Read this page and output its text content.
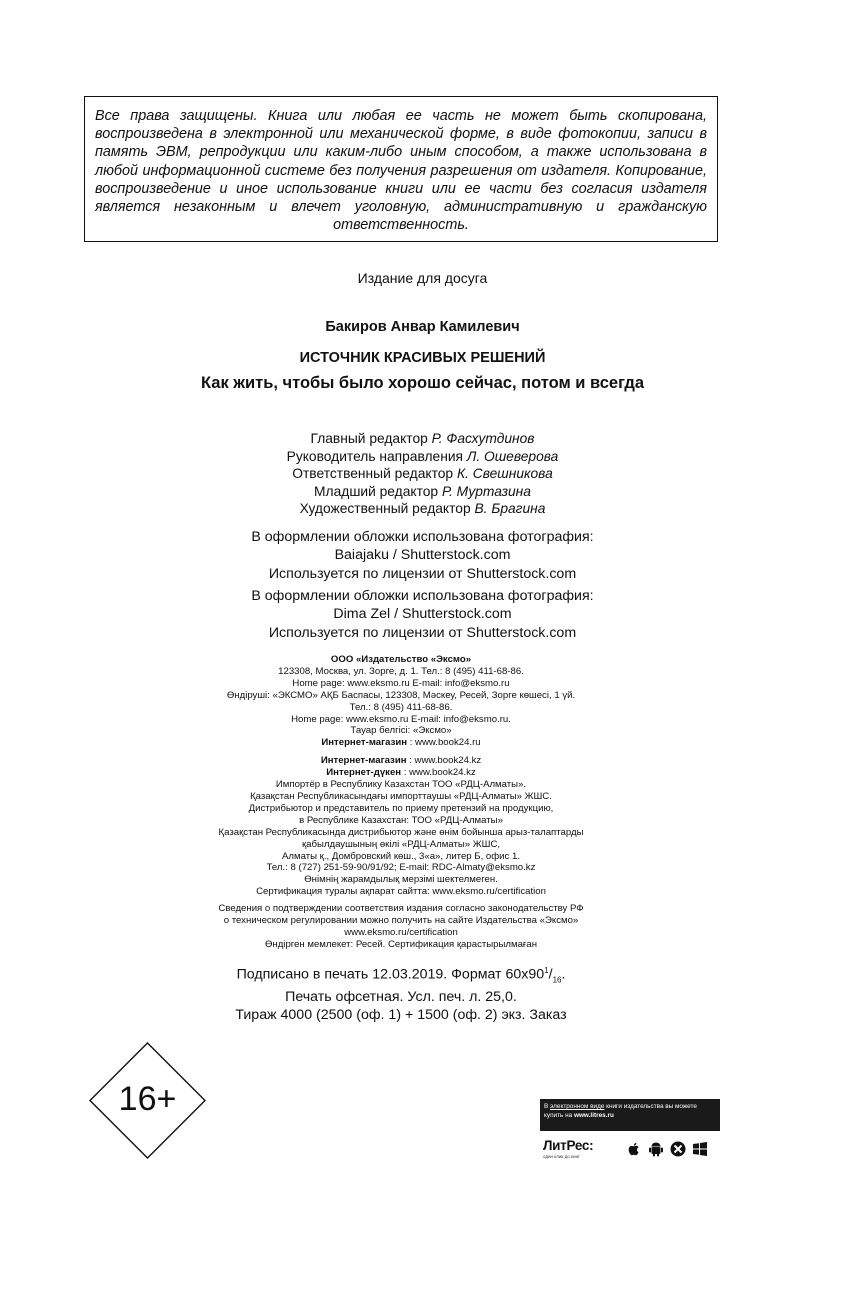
Все права защищены. Книга или любая ее часть не может быть скопирована, воспроизведена в электронной или механической форме, в виде фотокопии, записи в память ЭВМ, репродукции или каким-либо иным способом, а также использована в любой информационной системе без получения разрешения от издателя. Копирование, воспроизведение и иное использование книги или ее части без согласия издателя является незаконным и влечет уголовную, административную и гражданскую ответственность.

Издание для досуга
Бакиров Анвар Камилевич
ИСТОЧНИК КРАСИВЫХ РЕШЕНИЙ
Как жить, чтобы было хорошо сейчас, потом и всегда
Главный редактор Р. Фасхутдинов
Руководитель направления Л. Ошеверова
Ответственный редактор К. Свешникова
Младший редактор Р. Муртазина
Художественный редактор В. Брагина
В оформлении обложки использована фотография:
Baiajaku / Shutterstock.com
Используется по лицензии от Shutterstock.com
В оформлении обложки использована фотография:
Dima Zel / Shutterstock.com
Используется по лицензии от Shutterstock.com
ООО «Издательство «Эксмо»
123308, Москва, ул. Зорге, д. 1. Тел.: 8 (495) 411-68-86.
Home page: www.eksmo.ru E-mail: info@eksmo.ru
Өндіруші: «ЭКСМО» АҚБ Баспасы, 123308, Мәскеу, Ресей, Зорге көшесі, 1 үй.
Тел.: 8 (495) 411-68-86.
Home page: www.eksmo.ru E-mail: info@eksmo.ru.
Тауар белгісі: «Эксмо»
Интернет-магазин : www.book24.ru
Интернет-магазин : www.book24.kz
Интернет-дүкен : www.book24.kz
Импортёр в Республику Казахстан ТОО «РДЦ-Алматы».
Қазақстан Республикасындағы импорттаушы «РДЦ-Алматы» ЖШС.
Дистрибьютор и представитель по приему претензий на продукцию,
в Республике Казахстан: ТОО «РДЦ-Алматы»
Қазақстан Республикасында дистрибьютор және өнім бойынша арыз-талаптарды
қабылдаушының өкілі «РДЦ-Алматы» ЖШС,
Алматы қ., Домбровский көш., 3«а», литер Б, офис 1.
Тел.: 8 (727) 251-59-90/91/92; E-mail: RDC-Almaty@eksmo.kz
Өнімнің жарамдылық мерзімі шектелмеген.
Сертификация туралы ақпарат сайтта: www.eksmo.ru/certification
Сведения о подтверждении соответствия издания согласно законодательству РФ
о техническом регулировании можно получить на сайте Издательства «Эксмо»
www.eksmo.ru/certification
Өндірген мемлекет: Ресей. Сертификация қарастырылмаған
Подписано в печать 12.03.2019. Формат $60x90^1/_{16}$.
Печать офсетная. Усл. печ. л. 25,0.
Тираж 4000 (2500 (оф. 1) + 1500 (оф. 2) экз. Заказ
16+	В электронном виде книги издательства вы можете купить на www.litres.ru
ЛитРес:
один клик до книг
